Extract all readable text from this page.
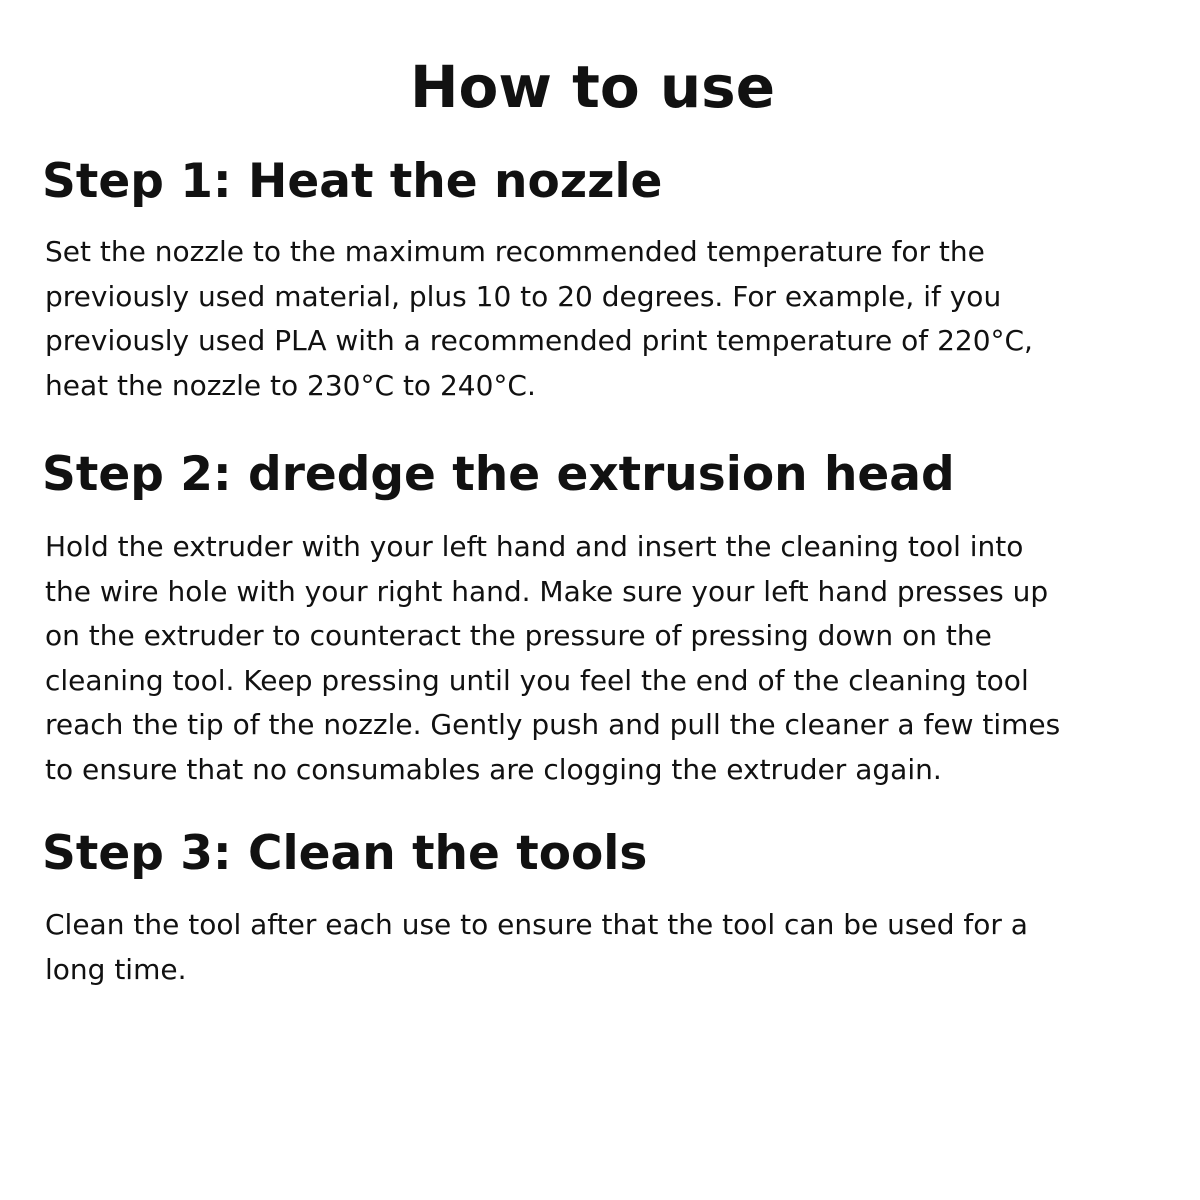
How to use
Step 1: Heat the nozzle
Set the nozzle to the maximum recommended temperature for the
previously used material, plus 10 to 20 degrees. For example, if you
previously used PLA with a recommended print temperature of 220°C,
heat the nozzle to 230°C to 240°C.
Step 2: dredge the extrusion head
Hold the extruder with your left hand and insert the cleaning tool into
the wire hole with your right hand. Make sure your left hand presses up
on the extruder to counteract the pressure of pressing down on the
cleaning tool. Keep pressing until you feel the end of the cleaning tool
reach the tip of the nozzle. Gently push and pull the cleaner a few times
to ensure that no consumables are clogging the extruder again.
Step 3: Clean the tools
Clean the tool after each use to ensure that the tool can be used for a
long time.
